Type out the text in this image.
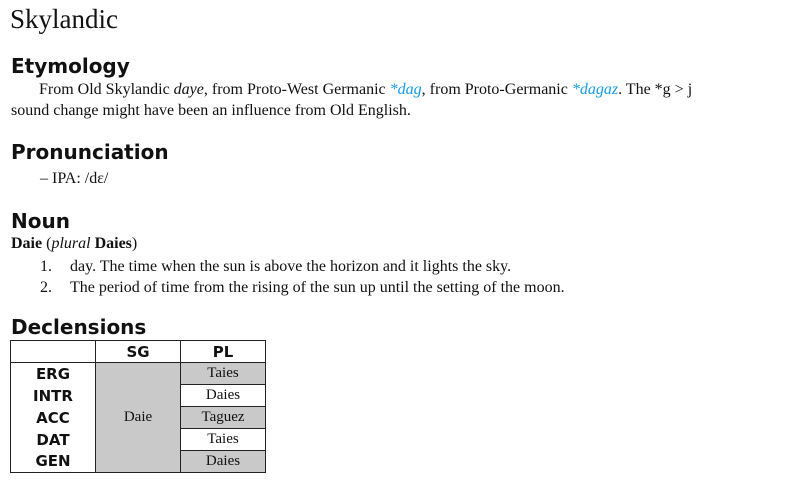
Skylandic
Etymology
From Old Skylandic daye, from Proto-West Germanic *dag, from Proto-Germanic *dagaz. The *g > j
sound change might have been an influence from Old English.
Pronunciation
– IPA: /dɛ/
Noun
Daie (plural Daies)
1.	day. The time when the sun is above the horizon and it lights the sky.
2.	The period of time from the rising of the sun up until the setting of the moon.
Declensions
	SG	PL
ERG	Daie	Taies
INTR		Daies
ACC		Taguez
DAT		Taies
GEN		Daies
